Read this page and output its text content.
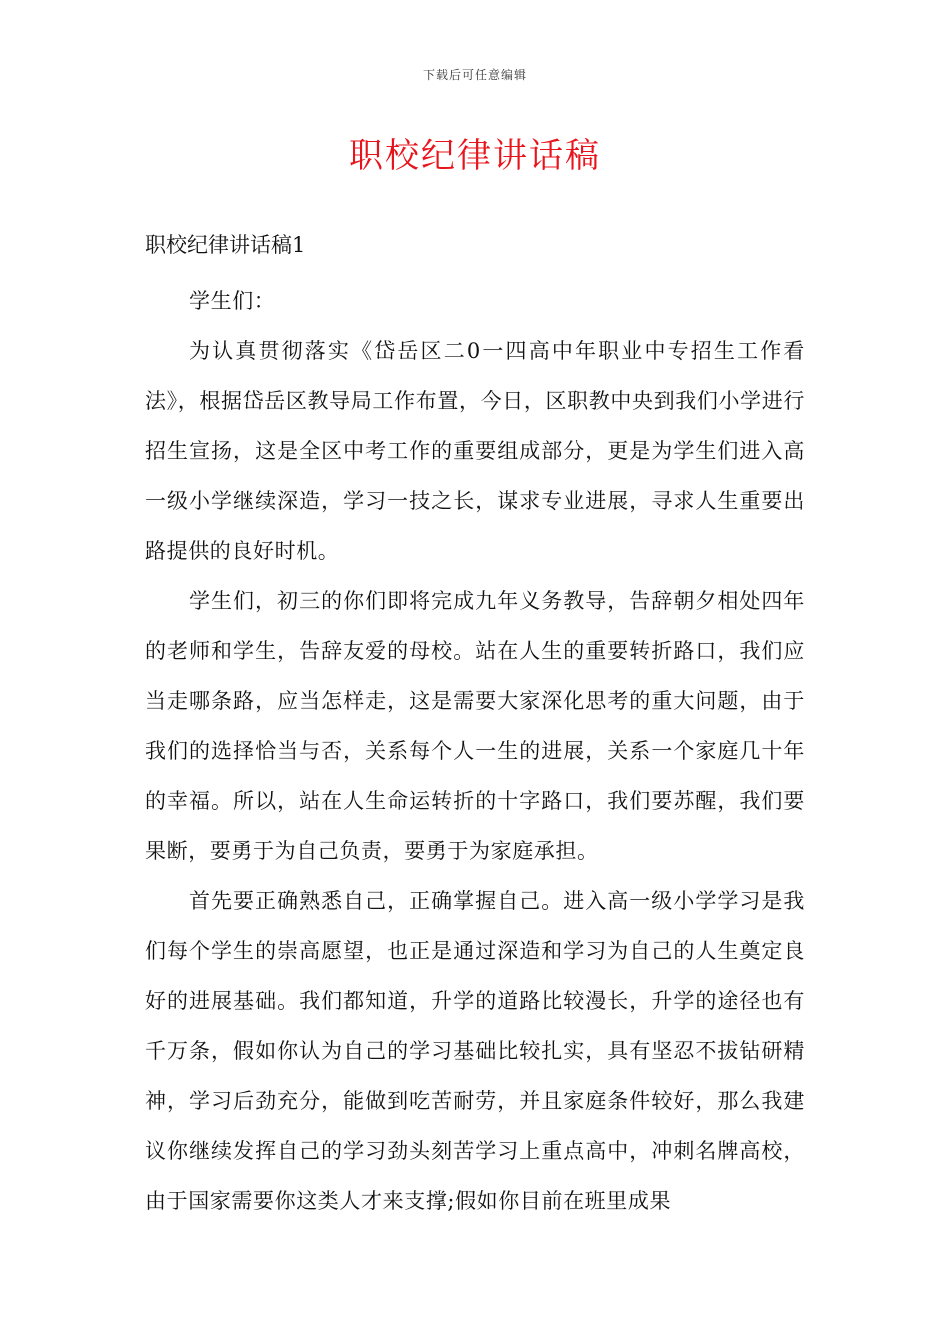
下载后可任意编辑
职校纪律讲话稿

职校纪律讲话稿1

学生们：

为认真贯彻落实《岱岳区二0一四高中年职业中专招生工作看法》，根据岱岳区教导局工作布置，今日，区职教中央到我们小学进行招生宣扬，这是全区中考工作的重要组成部分，更是为学生们进入高一级小学继续深造，学习一技之长，谋求专业进展，寻求人生重要出路提供的良好时机。

学生们，初三的你们即将完成九年义务教导，告辞朝夕相处四年的老师和学生，告辞友爱的母校。站在人生的重要转折路口，我们应当走哪条路，应当怎样走，这是需要大家深化思考的重大问题，由于我们的选择恰当与否，关系每个人一生的进展，关系一个家庭几十年的幸福。所以，站在人生命运转折的十字路口，我们要苏醒，我们要果断，要勇于为自己负责，要勇于为家庭承担。

首先要正确熟悉自己，正确掌握自己。进入高一级小学学习是我们每个学生的崇高愿望，也正是通过深造和学习为自己的人生奠定良好的进展基础。我们都知道，升学的道路比较漫长，升学的途径也有千万条，假如你认为自己的学习基础比较扎实，具有坚忍不拔钻研精神，学习后劲充分，能做到吃苦耐劳，并且家庭条件较好，那么我建议你继续发挥自己的学习劲头刻苦学习上重点高中，冲刺名牌高校，由于国家需要你这类人才来支撑;假如你目前在班里成果
